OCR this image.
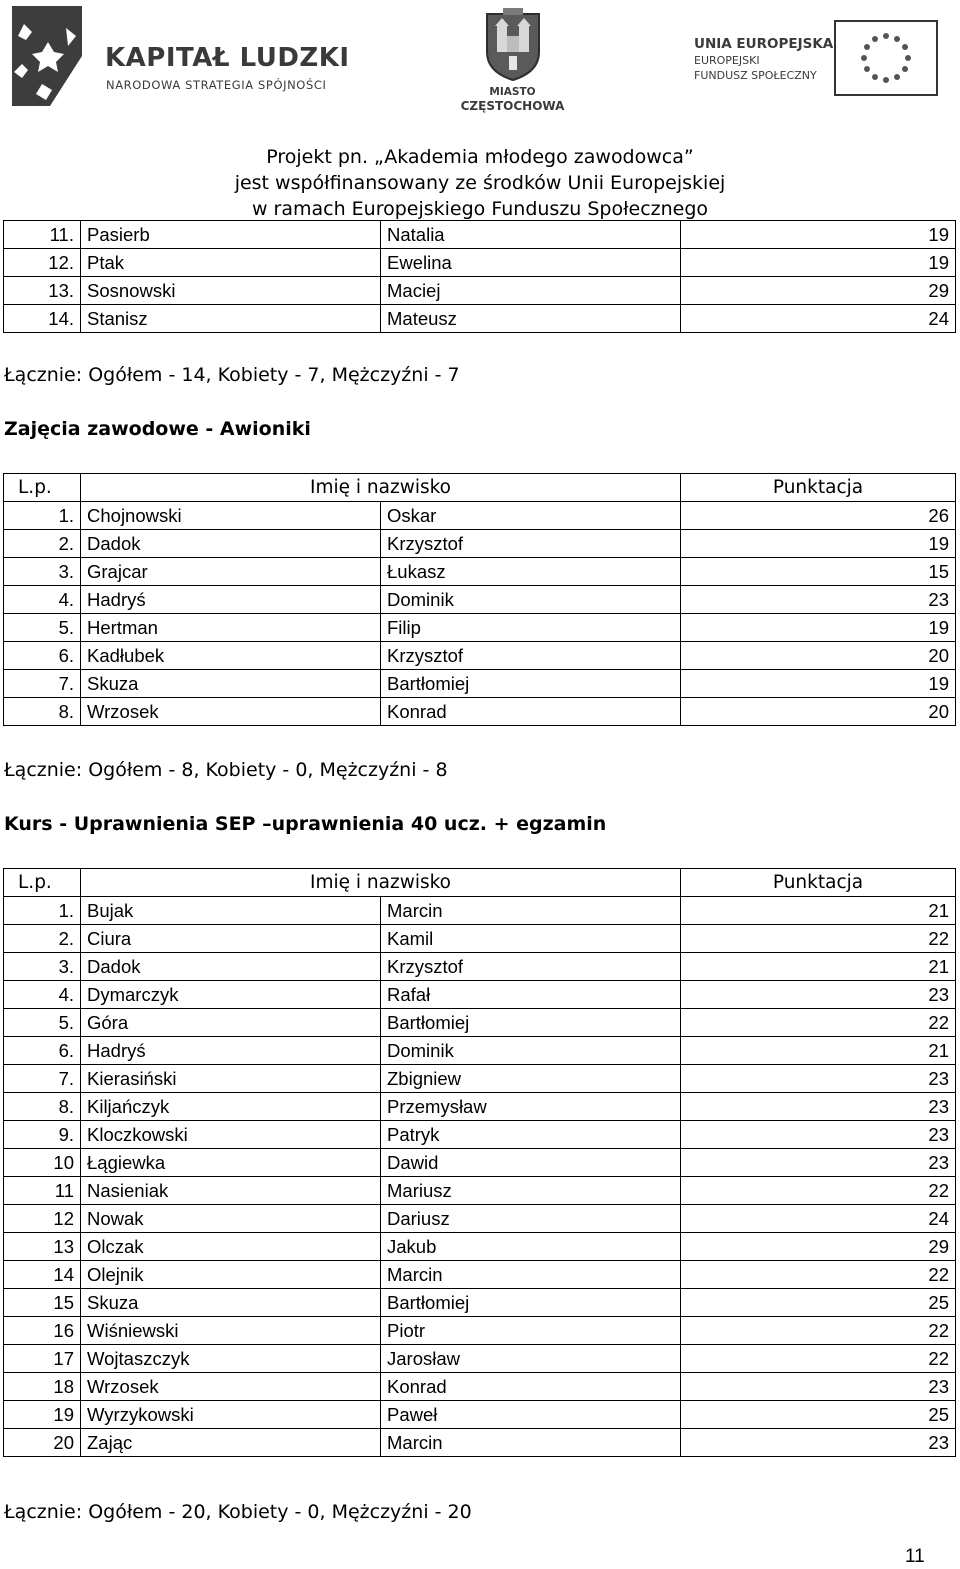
KAPITAŁ LUDZKI
NARODOWA STRATEGIA SPÓJNOŚCI	MIASTO
CZĘSTOCHOWA
UNIA EUROPEJSKA
EUROPEJSKI
FUNDUSZ SPOŁECZNY
Projekt pn. „Akademia młodego zawodowca”
jest współfinansowany ze środków Unii Europejskiej
w ramach Europejskiego Funduszu Społecznego
11.	Pasierb	Natalia	19
12.	Ptak	Ewelina	19
13.	Sosnowski	Maciej	29
14.	Stanisz	Mateusz	24
Łącznie: Ogółem - 14, Kobiety - 7, Mężczyźni - 7
Zajęcia zawodowe - Awioniki
L.p.	Imię i nazwisko		Punktacja
1.	Chojnowski	Oskar	26
2.	Dadok	Krzysztof	19
3.	Grajcar	Łukasz	15
4.	Hadryś	Dominik	23
5.	Hertman	Filip	19
6.	Kadłubek	Krzysztof	20
7.	Skuza	Bartłomiej	19
8.	Wrzosek	Konrad	20
Łącznie: Ogółem - 8, Kobiety - 0, Mężczyźni - 8
Kurs - Uprawnienia SEP –uprawnienia 40 ucz. + egzamin
L.p.	Imię i nazwisko		Punktacja
1.	Bujak	Marcin	21
2.	Ciura	Kamil	22
3.	Dadok	Krzysztof	21
4.	Dymarczyk	Rafał	23
5.	Góra	Bartłomiej	22
6.	Hadryś	Dominik	21
7.	Kierasiński	Zbigniew	23
8.	Kiljańczyk	Przemysław	23
9.	Kloczkowski	Patryk	23
10	Łągiewka	Dawid	23
11	Nasieniak	Mariusz	22
12	Nowak	Dariusz	24
13	Olczak	Jakub	29
14	Olejnik	Marcin	22
15	Skuza	Bartłomiej	25
16	Wiśniewski	Piotr	22
17	Wojtaszczyk	Jarosław	22
18	Wrzosek	Konrad	23
19	Wyrzykowski	Paweł	25
20	Zając	Marcin	23
Łącznie: Ogółem - 20, Kobiety - 0, Mężczyźni - 20
11
